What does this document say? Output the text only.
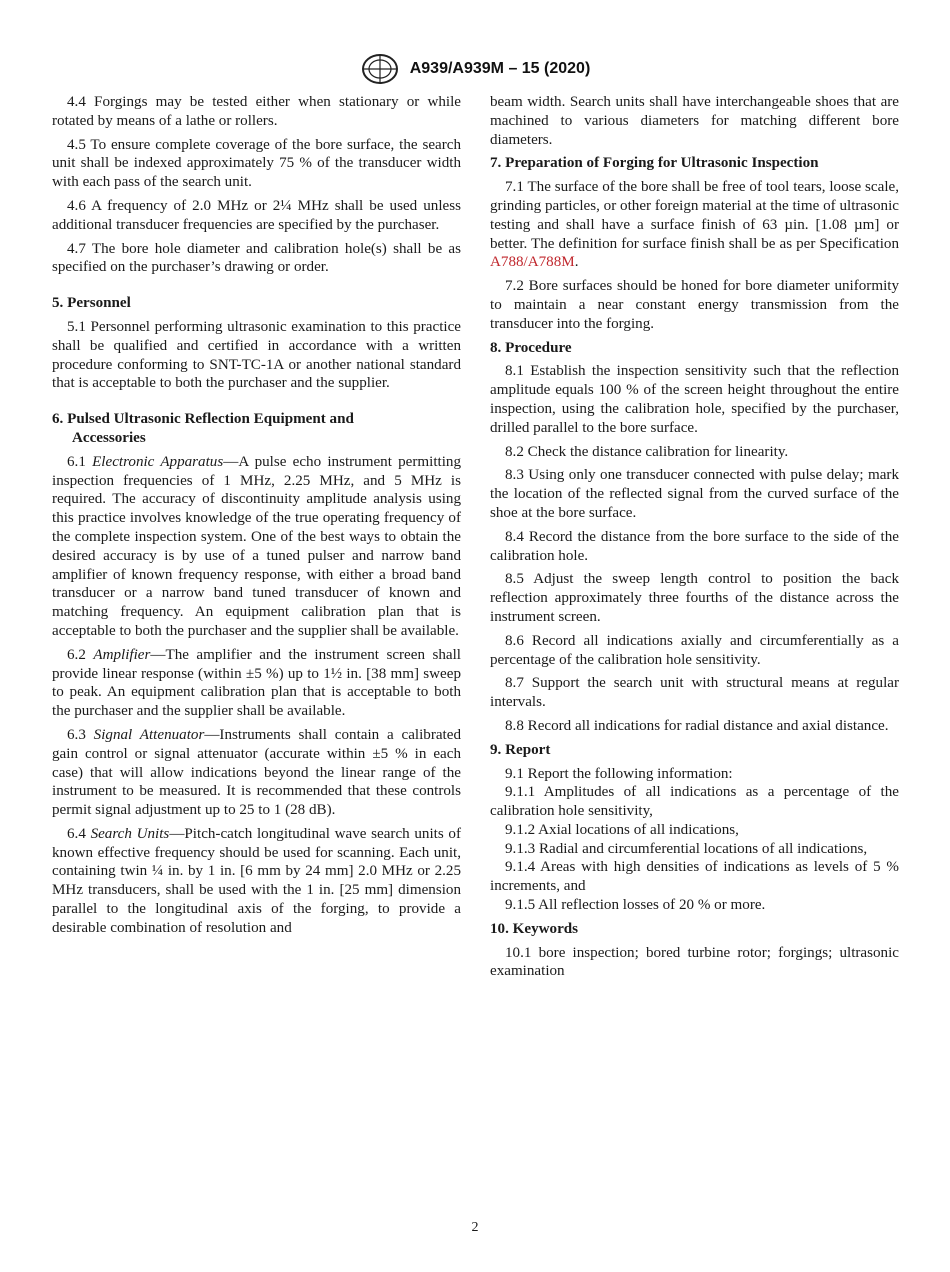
A939/A939M – 15 (2020)

4.4 Forgings may be tested either when stationary or while rotated by means of a lathe or rollers.

4.5 To ensure complete coverage of the bore surface, the search unit shall be indexed approximately 75 % of the transducer width with each pass of the search unit.

4.6 A frequency of 2.0 MHz or 2¼ MHz shall be used unless additional transducer frequencies are specified by the purchaser.

4.7 The bore hole diameter and calibration hole(s) shall be as specified on the purchaser’s drawing or order.

5. Personnel

5.1 Personnel performing ultrasonic examination to this practice shall be qualified and certified in accordance with a written procedure conforming to SNT-TC-1A or another national standard that is acceptable to both the purchaser and the supplier.

6. Pulsed Ultrasonic Reflection Equipment and
Accessories

6.1 Electronic Apparatus—A pulse echo instrument permitting inspection frequencies of 1 MHz, 2.25 MHz, and 5 MHz is required. The accuracy of discontinuity amplitude analysis using this practice involves knowledge of the true operating frequency of the complete inspection system. One of the best ways to obtain the desired accuracy is by use of a tuned pulser and narrow band amplifier of known frequency response, with either a broad band transducer or a narrow band tuned transducer of known and matching frequency. An equipment calibration plan that is acceptable to both the purchaser and the supplier shall be available.

6.2 Amplifier—The amplifier and the instrument screen shall provide linear response (within ±5 %) up to 1½ in. [38 mm] sweep to peak. An equipment calibration plan that is acceptable to both the purchaser and the supplier shall be available.

6.3 Signal Attenuator—Instruments shall contain a calibrated gain control or signal attenuator (accurate within ±5 % in each case) that will allow indications beyond the linear range of the instrument to be measured. It is recommended that these controls permit signal adjustment up to 25 to 1 (28 dB).

6.4 Search Units—Pitch-catch longitudinal wave search units of known effective frequency should be used for scanning. Each unit, containing twin ¼ in. by 1 in. [6 mm by 24 mm] 2.0 MHz or 2.25 MHz transducers, shall be used with the 1 in. [25 mm] dimension parallel to the longitudinal axis of the forging, to provide a desirable combination of resolution and

beam width. Search units shall have interchangeable shoes that are machined to various diameters for matching different bore diameters.

7. Preparation of Forging for Ultrasonic Inspection

7.1 The surface of the bore shall be free of tool tears, loose scale, grinding particles, or other foreign material at the time of ultrasonic testing and shall have a surface finish of 63 µin. [1.08 µm] or better. The definition for surface finish shall be as per Specification A788/A788M.

7.2 Bore surfaces should be honed for bore diameter uniformity to maintain a near constant energy transmission from the transducer into the forging.

8. Procedure

8.1 Establish the inspection sensitivity such that the reflection amplitude equals 100 % of the screen height throughout the entire inspection, using the calibration hole, specified by the purchaser, drilled parallel to the bore surface.

8.2 Check the distance calibration for linearity.

8.3 Using only one transducer connected with pulse delay; mark the location of the reflected signal from the curved surface of the shoe at the bore surface.

8.4 Record the distance from the bore surface to the side of the calibration hole.

8.5 Adjust the sweep length control to position the back reflection approximately three fourths of the distance across the instrument screen.

8.6 Record all indications axially and circumferentially as a percentage of the calibration hole sensitivity.

8.7 Support the search unit with structural means at regular intervals.

8.8 Record all indications for radial distance and axial distance.

9. Report

9.1 Report the following information:

9.1.1 Amplitudes of all indications as a percentage of the calibration hole sensitivity,

9.1.2 Axial locations of all indications,

9.1.3 Radial and circumferential locations of all indications,

9.1.4 Areas with high densities of indications as levels of 5 % increments, and

9.1.5 All reflection losses of 20 % or more.

10. Keywords

10.1 bore inspection; bored turbine rotor; forgings; ultrasonic examination

2
